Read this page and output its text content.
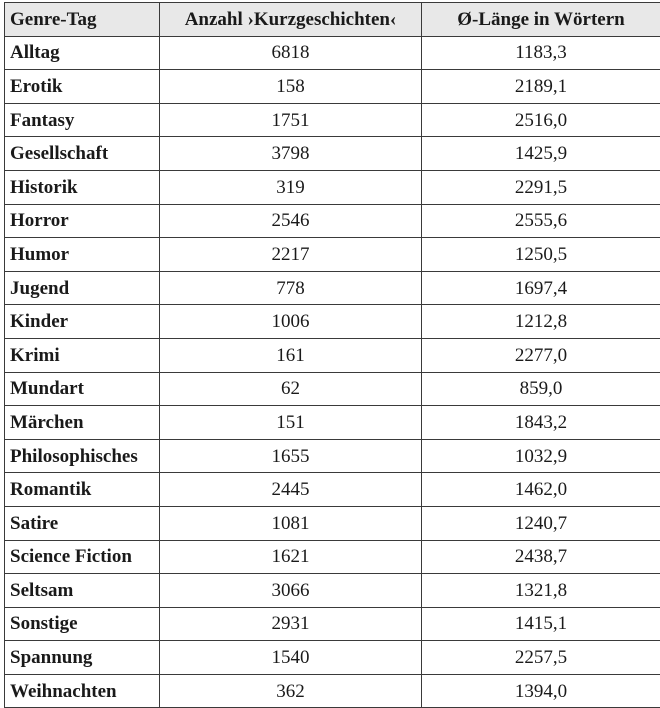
Genre-Tag	Anzahl ›Kurzgeschichten‹	Ø-Länge in Wörtern
Alltag	6818	1183,3
Erotik	158	2189,1
Fantasy	1751	2516,0
Gesellschaft	3798	1425,9
Historik	319	2291,5
Horror	2546	2555,6
Humor	2217	1250,5
Jugend	778	1697,4
Kinder	1006	1212,8
Krimi	161	2277,0
Mundart	62	859,0
Märchen	151	1843,2
Philosophisches	1655	1032,9
Romantik	2445	1462,0
Satire	1081	1240,7
Science Fiction	1621	2438,7
Seltsam	3066	1321,8
Sonstige	2931	1415,1
Spannung	1540	2257,5
Weihnachten	362	1394,0
